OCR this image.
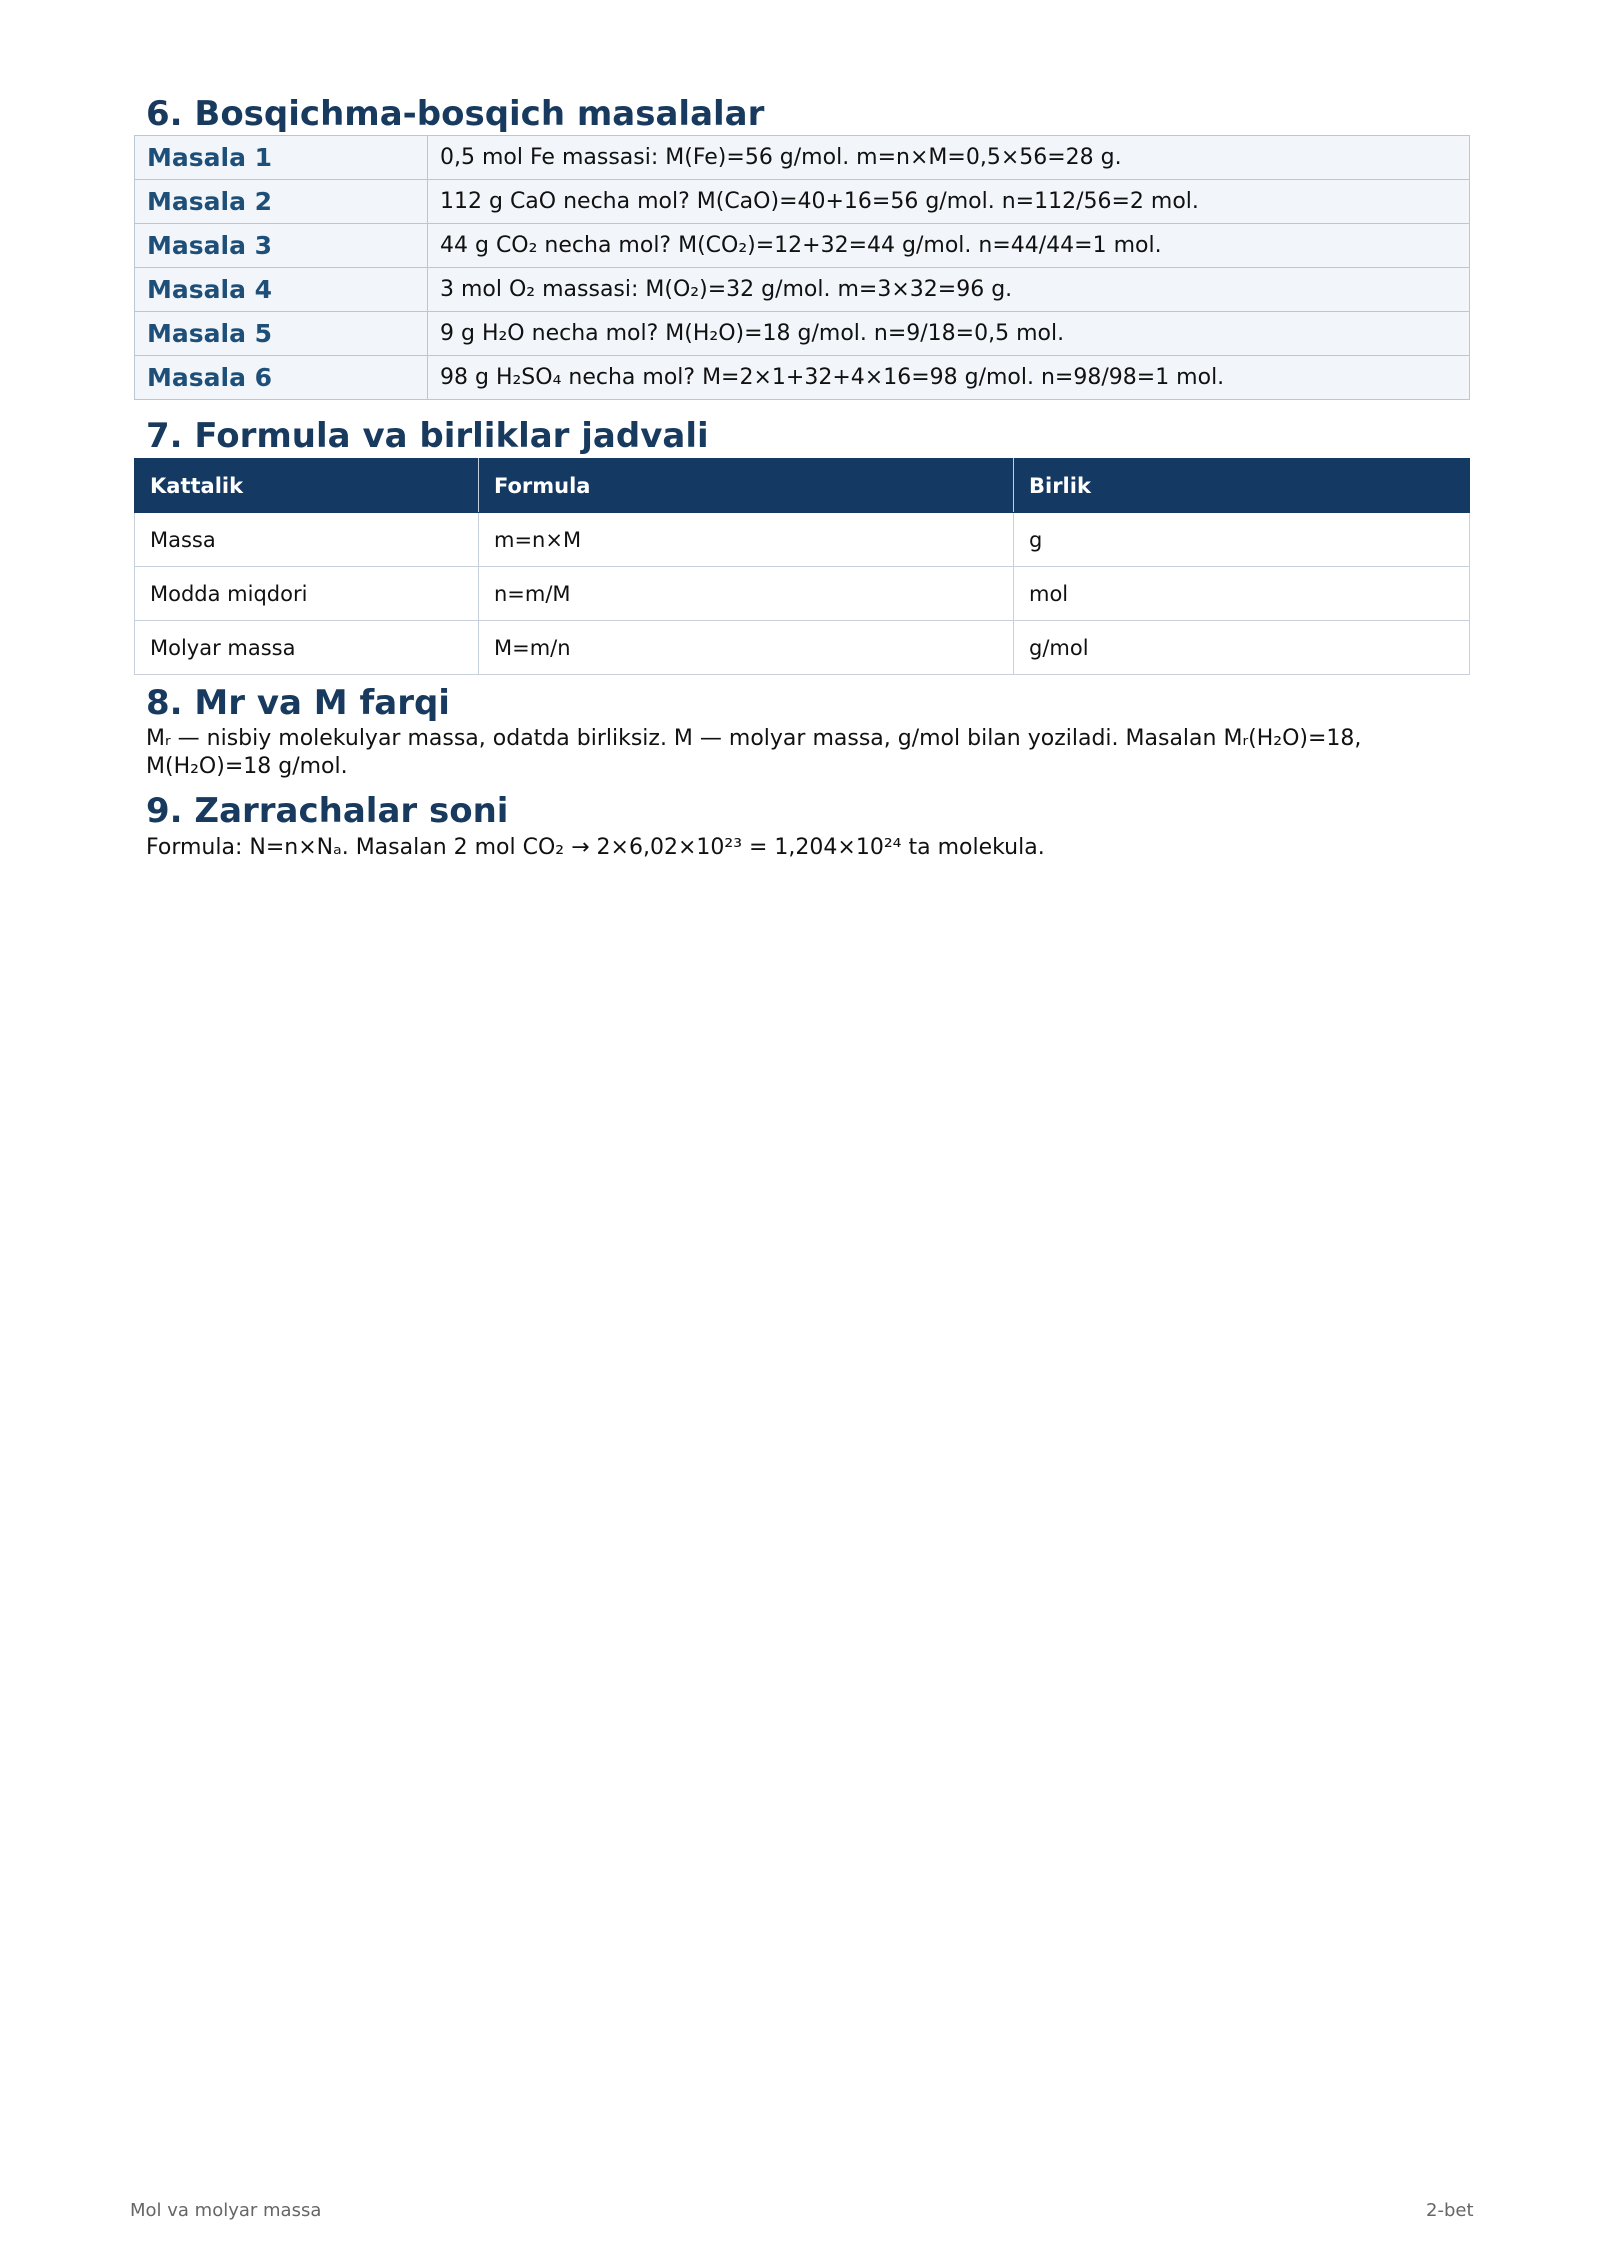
6. Bosqichma-bosqich masalalar
Masala 1	0,5 mol Fe massasi: M(Fe)=56 g/mol. m=n×M=0,5×56=28 g.
Masala 2	112 g CaO necha mol? M(CaO)=40+16=56 g/mol. n=112/56=2 mol.
Masala 3	44 g CO₂ necha mol? M(CO₂)=12+32=44 g/mol. n=44/44=1 mol.
Masala 4	3 mol O₂ massasi: M(O₂)=32 g/mol. m=3×32=96 g.
Masala 5	9 g H₂O necha mol? M(H₂O)=18 g/mol. n=9/18=0,5 mol.
Masala 6	98 g H₂SO₄ necha mol? M=2×1+32+4×16=98 g/mol. n=98/98=1 mol.
7. Formula va birliklar jadvali
Kattalik	Formula	Birlik
Massa	m=n×M	g
Modda miqdori	n=m/M	mol
Molyar massa	M=m/n	g/mol
8. Mr va M farqi

Mᵣ — nisbiy molekulyar massa, odatda birliksiz. M — molyar massa, g/mol bilan yoziladi. Masalan Mᵣ(H₂O)=18, M(H₂O)=18 g/mol.

9. Zarrachalar soni

Formula: N=n×Nₐ. Masalan 2 mol CO₂ → 2×6,02×10²³ = 1,204×10²⁴ ta molekula.

Mol va molyar massa	2-bet
